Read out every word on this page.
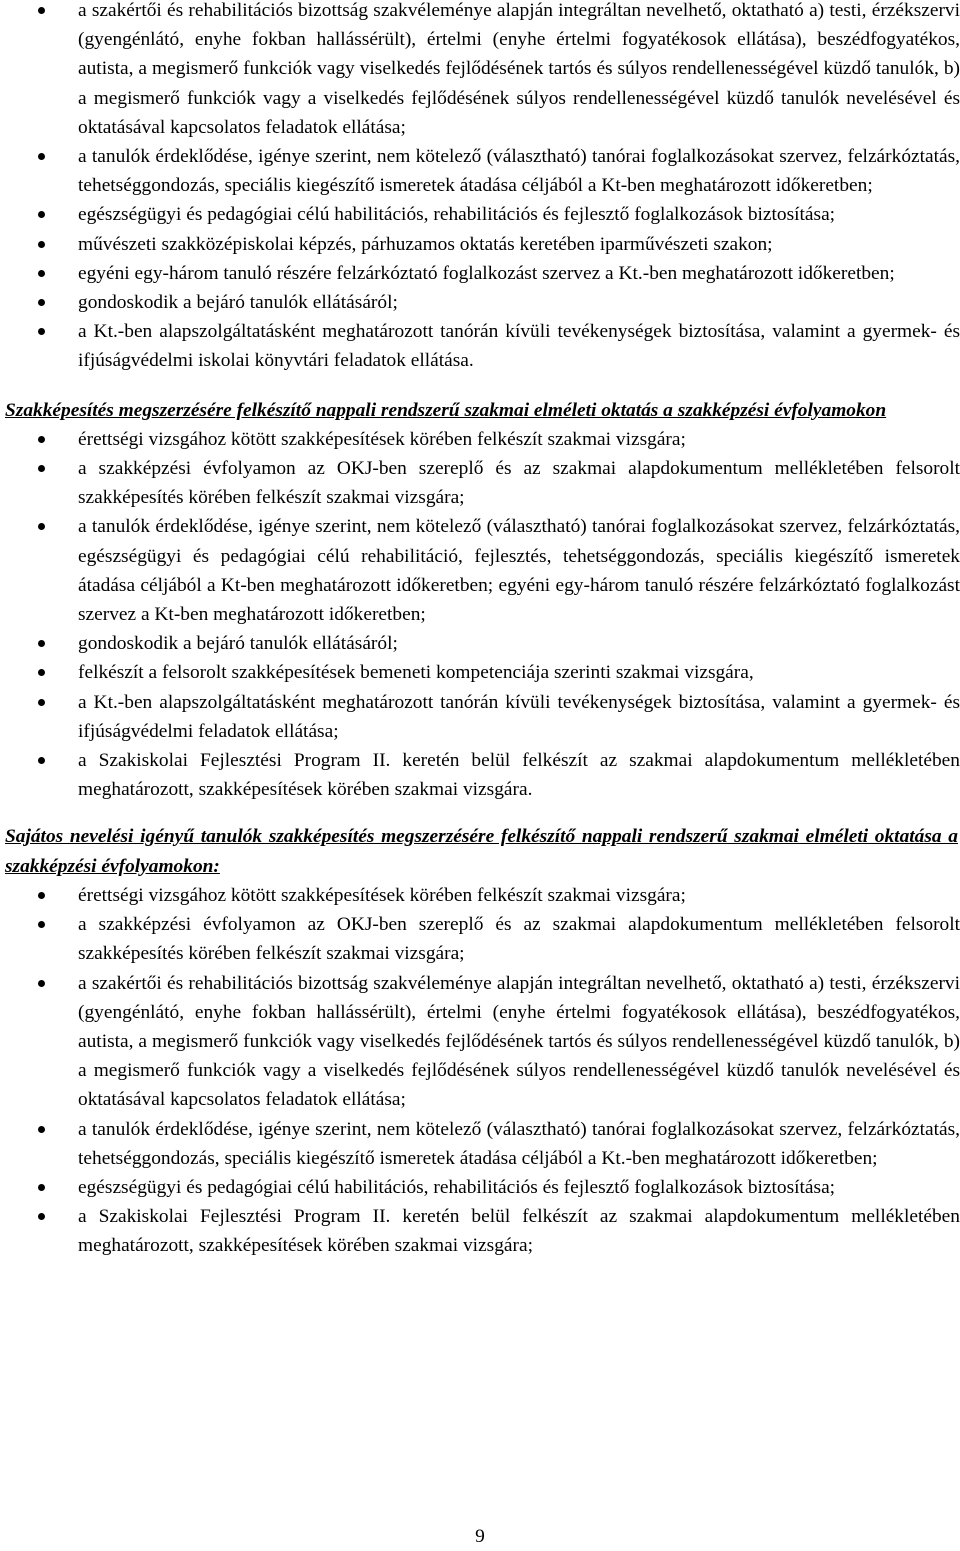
a szakértői és rehabilitációs bizottság szakvéleménye alapján integráltan nevelhető, oktatható a) testi, érzékszervi (gyengénlátó, enyhe fokban hallássérült), értelmi (enyhe értelmi fogyatékosok ellátása), beszédfogyatékos, autista, a megismerő funkciók vagy viselkedés fejlődésének tartós és súlyos rendellenességével küzdő tanulók, b) a megismerő funkciók vagy a viselkedés fejlődésének súlyos rendellenességével küzdő tanulók nevelésével és oktatásával kapcsolatos feladatok ellátása;
a tanulók érdeklődése, igénye szerint, nem kötelező (választható) tanórai foglalkozásokat szervez, felzárkóztatás, tehetséggondozás, speciális kiegészítő ismeretek átadása céljából a Kt-ben meghatározott időkeretben;
egészségügyi és pedagógiai célú habilitációs, rehabilitációs és fejlesztő foglalkozások biztosítása;
művészeti szakközépiskolai képzés, párhuzamos oktatás keretében iparművészeti szakon;
egyéni egy-három tanuló részére felzárkóztató foglalkozást szervez a Kt.-ben meghatározott időkeretben;
gondoskodik a bejáró tanulók ellátásáról;
a Kt.-ben alapszolgáltatásként meghatározott tanórán kívüli tevékenységek biztosítása, valamint a gyermek- és ifjúságvédelmi iskolai könyvtári feladatok ellátása.
Szakképesítés megszerzésére felkészítő nappali rendszerű szakmai elméleti oktatás a szakképzési évfolyamokon
érettségi vizsgához kötött szakképesítések körében felkészít szakmai vizsgára;
a szakképzési évfolyamon az OKJ-ben szereplő és az szakmai alapdokumentum mellékletében felsorolt szakképesítés körében felkészít szakmai vizsgára;
a tanulók érdeklődése, igénye szerint, nem kötelező (választható) tanórai foglalkozásokat szervez, felzárkóztatás, egészségügyi és pedagógiai célú rehabilitáció, fejlesztés, tehetséggondozás, speciális kiegészítő ismeretek átadása céljából a Kt-ben meghatározott időkeretben; egyéni egy-három tanuló részére felzárkóztató foglalkozást szervez a Kt-ben meghatározott időkeretben;
gondoskodik a bejáró tanulók ellátásáról;
felkészít a felsorolt szakképesítések bemeneti kompetenciája szerinti szakmai vizsgára,
a Kt.-ben alapszolgáltatásként meghatározott tanórán kívüli tevékenységek biztosítása, valamint a gyermek- és ifjúságvédelmi feladatok ellátása;
a Szakiskolai Fejlesztési Program II. keretén belül felkészít az szakmai alapdokumentum mellékletében meghatározott, szakképesítések körében szakmai vizsgára.
Sajátos nevelési igényű tanulók szakképesítés megszerzésére felkészítő nappali rendszerű szakmai elméleti oktatása a szakképzési évfolyamokon:
érettségi vizsgához kötött szakképesítések körében felkészít szakmai vizsgára;
a szakképzési évfolyamon az OKJ-ben szereplő és az szakmai alapdokumentum mellékletében felsorolt szakképesítés körében felkészít szakmai vizsgára;
a szakértői és rehabilitációs bizottság szakvéleménye alapján integráltan nevelhető, oktatható a) testi, érzékszervi (gyengénlátó, enyhe fokban hallássérült), értelmi (enyhe értelmi fogyatékosok ellátása), beszédfogyatékos, autista, a megismerő funkciók vagy viselkedés fejlődésének tartós és súlyos rendellenességével küzdő tanulók, b) a megismerő funkciók vagy a viselkedés fejlődésének súlyos rendellenességével küzdő tanulók nevelésével és oktatásával kapcsolatos feladatok ellátása;
a tanulók érdeklődése, igénye szerint, nem kötelező (választható) tanórai foglalkozásokat szervez, felzárkóztatás, tehetséggondozás, speciális kiegészítő ismeretek átadása céljából a Kt.-ben meghatározott időkeretben;
egészségügyi és pedagógiai célú habilitációs, rehabilitációs és fejlesztő foglalkozások biztosítása;
a Szakiskolai Fejlesztési Program II. keretén belül felkészít az szakmai alapdokumentum mellékletében meghatározott, szakképesítések körében szakmai vizsgára;
9
